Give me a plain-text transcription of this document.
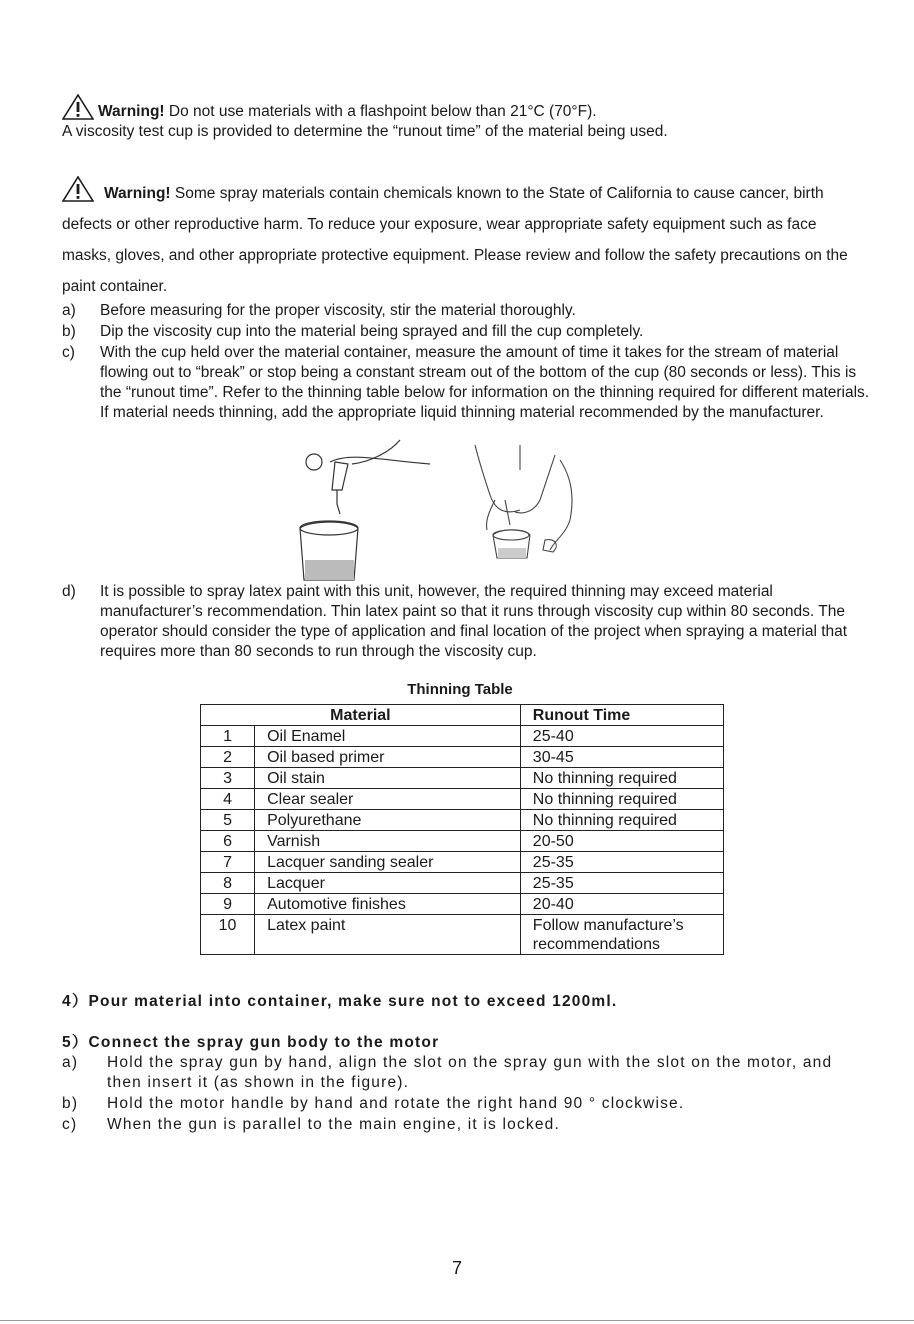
Warning! Do not use materials with a flashpoint below than 21°C (70°F).
A viscosity test cup is provided to determine the “runout time” of the material being used.
Warning! Some spray materials contain chemicals known to the State of California to cause cancer, birth defects or other reproductive harm. To reduce your exposure, wear appropriate safety equipment such as face masks, gloves, and other appropriate protective equipment. Please review and follow the safety precautions on the paint container.
a)	Before measuring for the proper viscosity, stir the material thoroughly.
b)	Dip the viscosity cup into the material being sprayed and fill the cup completely.
c)	With the cup held over the material container, measure the amount of time it takes for the stream of material flowing out to “break” or stop being a constant stream out of the bottom of the cup (80 seconds or less). This is the “runout time”. Refer to the thinning table below for information on the thinning required for different materials. If material needs thinning, add the appropriate liquid thinning material recommended by the manufacturer.
d)	It is possible to spray latex paint with this unit, however, the required thinning may exceed material manufacturer’s recommendation. Thin latex paint so that it runs through viscosity cup within 80 seconds. The operator should consider the type of application and final location of the project when spraying a material that requires more than 80 seconds to run through the viscosity cup.
Thinning Table
Material		Runout Time
1	Oil Enamel	25-40
2	Oil based primer	30-45
3	Oil stain	No thinning required
4	Clear sealer	No thinning required
5	Polyurethane	No thinning required
6	Varnish	20-50
7	Lacquer sanding sealer	25-35
8	Lacquer	25-35
9	Automotive finishes	20-40
10	Latex paint	Follow manufacture’s recommendations
4）Pour material into container, make sure not to exceed 1200ml.
5）Connect the spray gun body to the motor
a)	Hold the spray gun by hand, align the slot on the spray gun with the slot on the motor, and then insert it (as shown in the figure).
b)	Hold the motor handle by hand and rotate the right hand 90 ° clockwise.
c)	When the gun is parallel to the main engine, it is locked.
7
